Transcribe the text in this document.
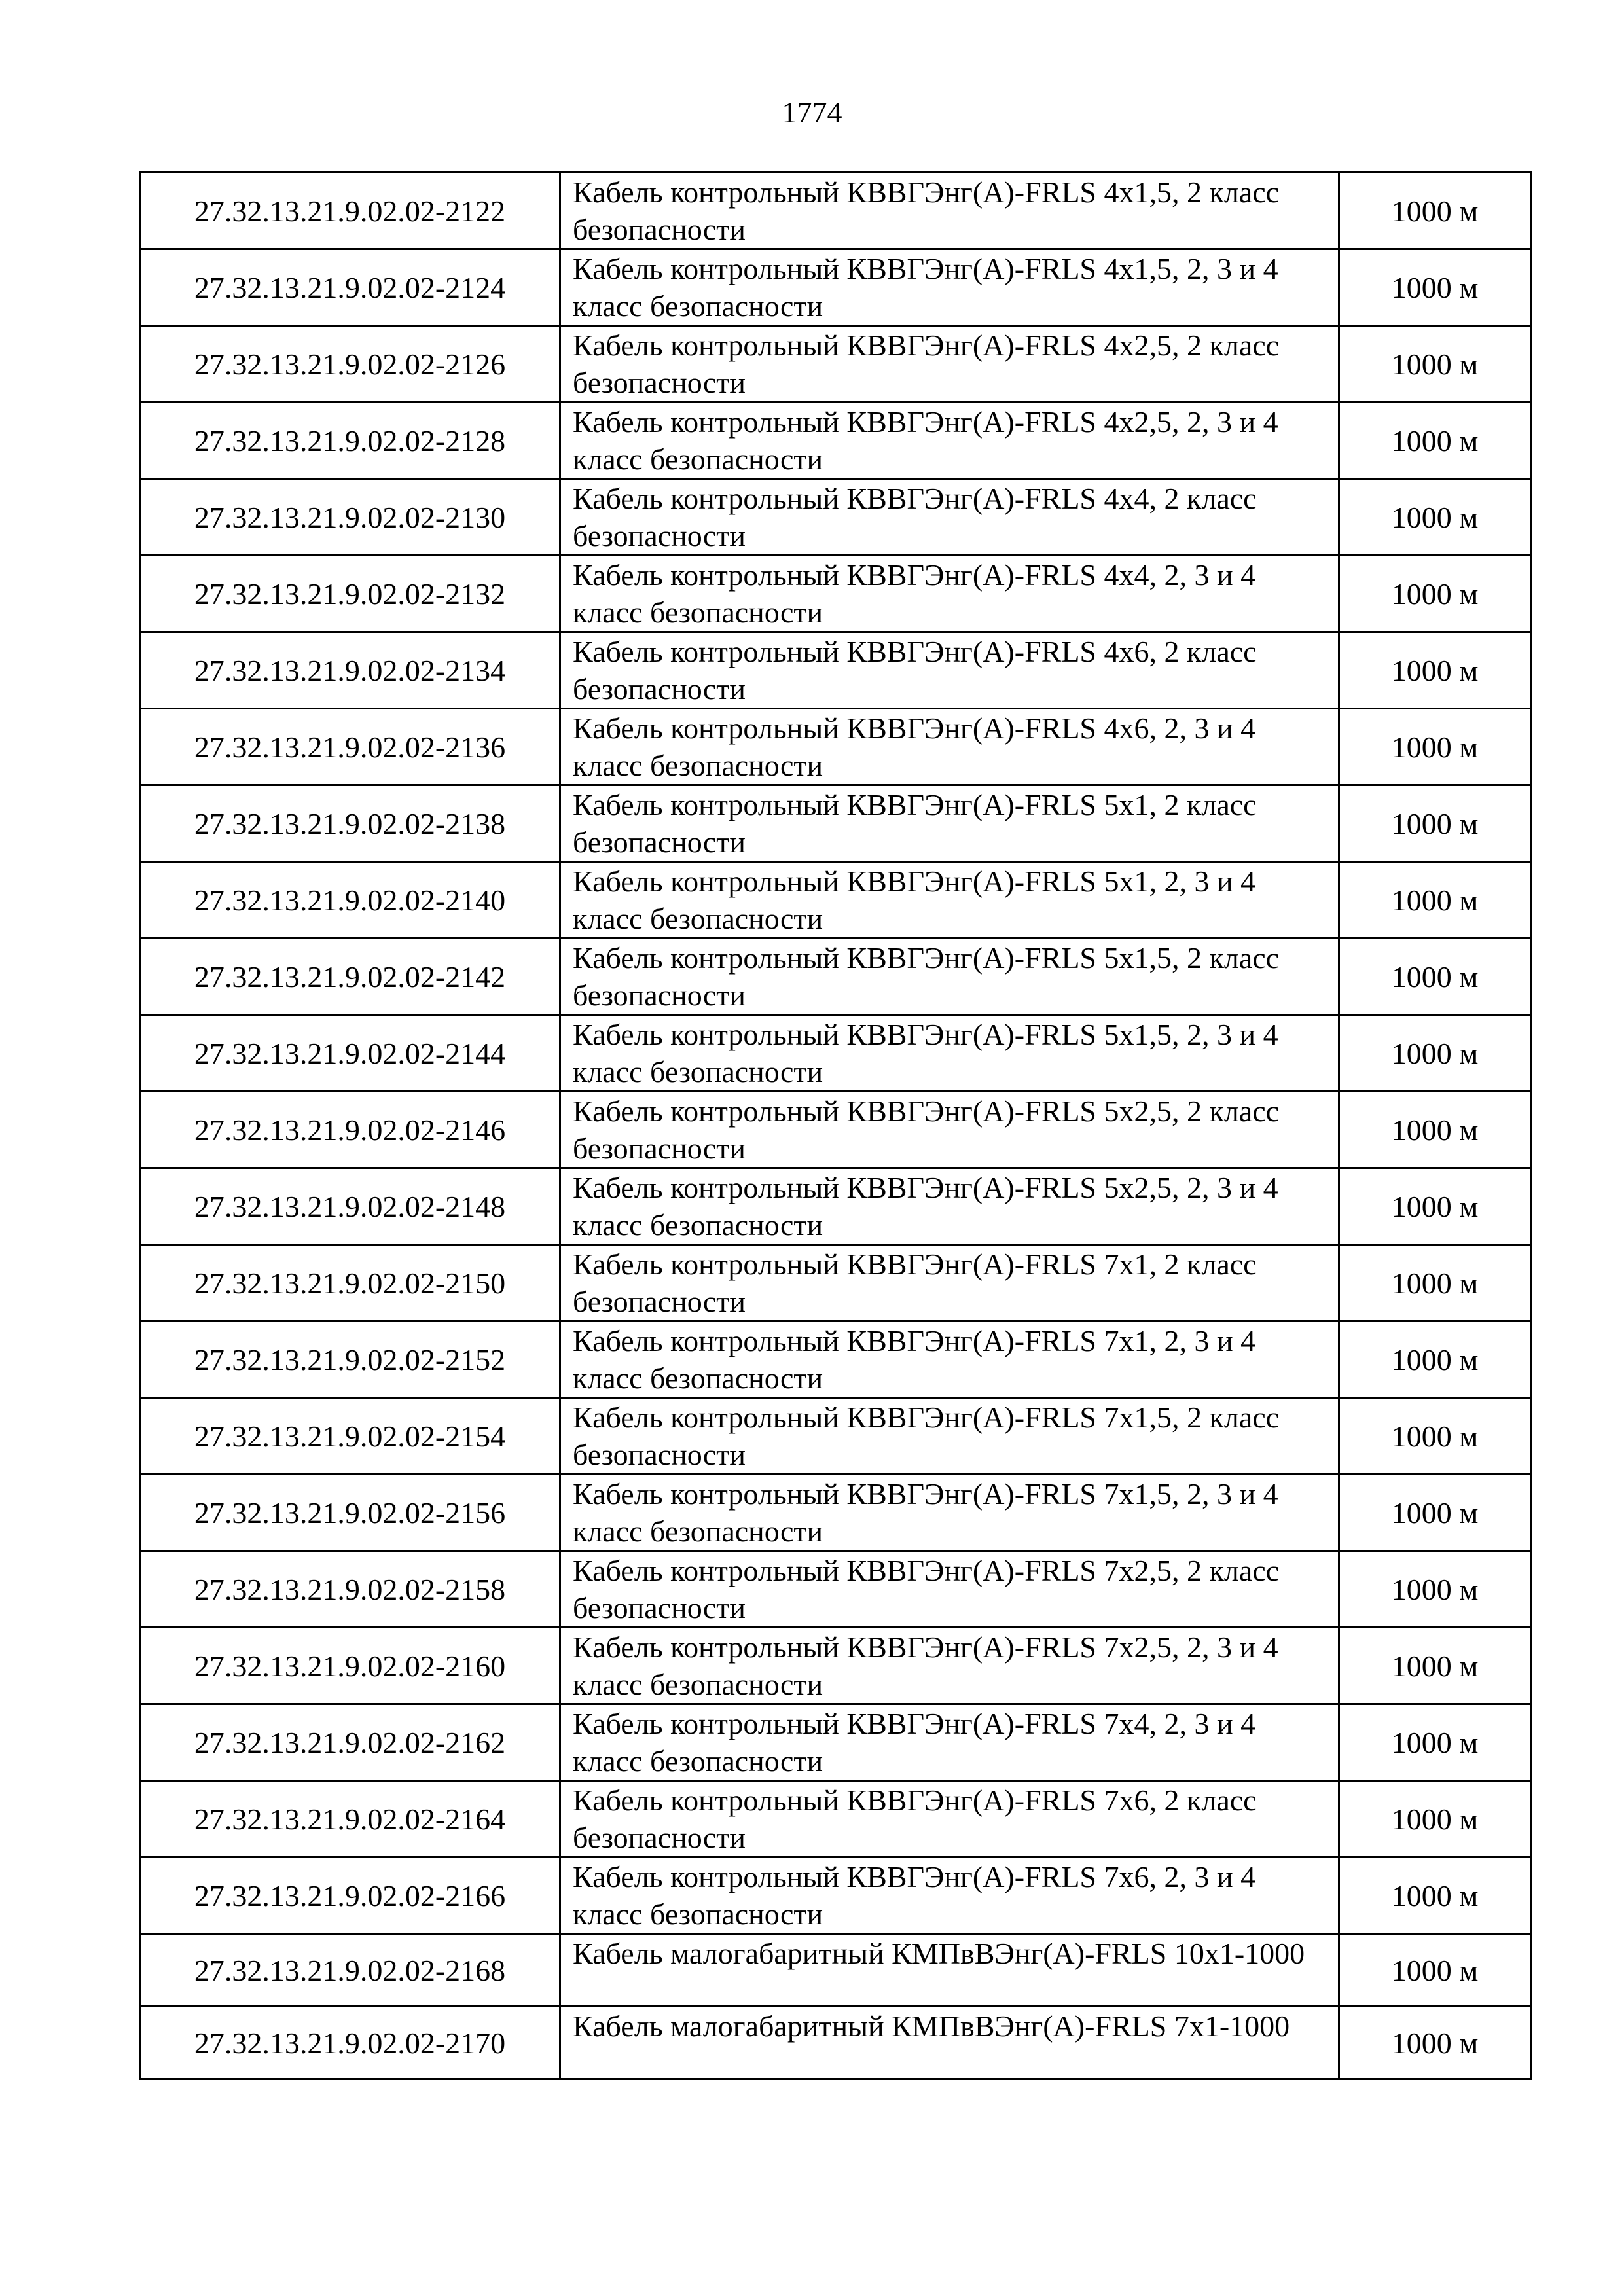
1774
27.32.13.21.9.02.02-2122	Кабель контрольный КВВГЭнг(А)-FRLS 4х1,5, 2 класс безопасности	1000 м
27.32.13.21.9.02.02-2124	Кабель контрольный КВВГЭнг(А)-FRLS 4х1,5, 2, 3 и 4 класс безопасности	1000 м
27.32.13.21.9.02.02-2126	Кабель контрольный КВВГЭнг(А)-FRLS 4х2,5, 2 класс безопасности	1000 м
27.32.13.21.9.02.02-2128	Кабель контрольный КВВГЭнг(А)-FRLS 4х2,5, 2, 3 и 4 класс безопасности	1000 м
27.32.13.21.9.02.02-2130	Кабель контрольный КВВГЭнг(А)-FRLS 4х4, 2 класс безопасности	1000 м
27.32.13.21.9.02.02-2132	Кабель контрольный КВВГЭнг(А)-FRLS 4х4, 2, 3 и 4 класс безопасности	1000 м
27.32.13.21.9.02.02-2134	Кабель контрольный КВВГЭнг(А)-FRLS 4х6, 2 класс безопасности	1000 м
27.32.13.21.9.02.02-2136	Кабель контрольный КВВГЭнг(А)-FRLS 4х6, 2, 3 и 4 класс безопасности	1000 м
27.32.13.21.9.02.02-2138	Кабель контрольный КВВГЭнг(А)-FRLS 5х1, 2 класс безопасности	1000 м
27.32.13.21.9.02.02-2140	Кабель контрольный КВВГЭнг(А)-FRLS 5х1, 2, 3 и 4 класс безопасности	1000 м
27.32.13.21.9.02.02-2142	Кабель контрольный КВВГЭнг(А)-FRLS 5х1,5, 2 класс безопасности	1000 м
27.32.13.21.9.02.02-2144	Кабель контрольный КВВГЭнг(А)-FRLS 5х1,5, 2, 3 и 4 класс безопасности	1000 м
27.32.13.21.9.02.02-2146	Кабель контрольный КВВГЭнг(А)-FRLS 5х2,5, 2 класс безопасности	1000 м
27.32.13.21.9.02.02-2148	Кабель контрольный КВВГЭнг(А)-FRLS 5х2,5, 2, 3 и 4 класс безопасности	1000 м
27.32.13.21.9.02.02-2150	Кабель контрольный КВВГЭнг(А)-FRLS 7х1, 2 класс безопасности	1000 м
27.32.13.21.9.02.02-2152	Кабель контрольный КВВГЭнг(А)-FRLS 7х1, 2, 3 и 4 класс безопасности	1000 м
27.32.13.21.9.02.02-2154	Кабель контрольный КВВГЭнг(А)-FRLS 7х1,5, 2 класс безопасности	1000 м
27.32.13.21.9.02.02-2156	Кабель контрольный КВВГЭнг(А)-FRLS 7х1,5, 2, 3 и 4 класс безопасности	1000 м
27.32.13.21.9.02.02-2158	Кабель контрольный КВВГЭнг(А)-FRLS 7х2,5, 2 класс безопасности	1000 м
27.32.13.21.9.02.02-2160	Кабель контрольный КВВГЭнг(А)-FRLS 7х2,5, 2, 3 и 4 класс безопасности	1000 м
27.32.13.21.9.02.02-2162	Кабель контрольный КВВГЭнг(А)-FRLS 7х4, 2, 3 и 4 класс безопасности	1000 м
27.32.13.21.9.02.02-2164	Кабель контрольный КВВГЭнг(А)-FRLS 7х6, 2 класс безопасности	1000 м
27.32.13.21.9.02.02-2166	Кабель контрольный КВВГЭнг(А)-FRLS 7х6, 2, 3 и 4 класс безопасности	1000 м
27.32.13.21.9.02.02-2168	Кабель малогабаритный КМПвВЭнг(А)-FRLS 10х1-1000	1000 м
27.32.13.21.9.02.02-2170	Кабель малогабаритный КМПвВЭнг(А)-FRLS 7х1-1000	1000 м
